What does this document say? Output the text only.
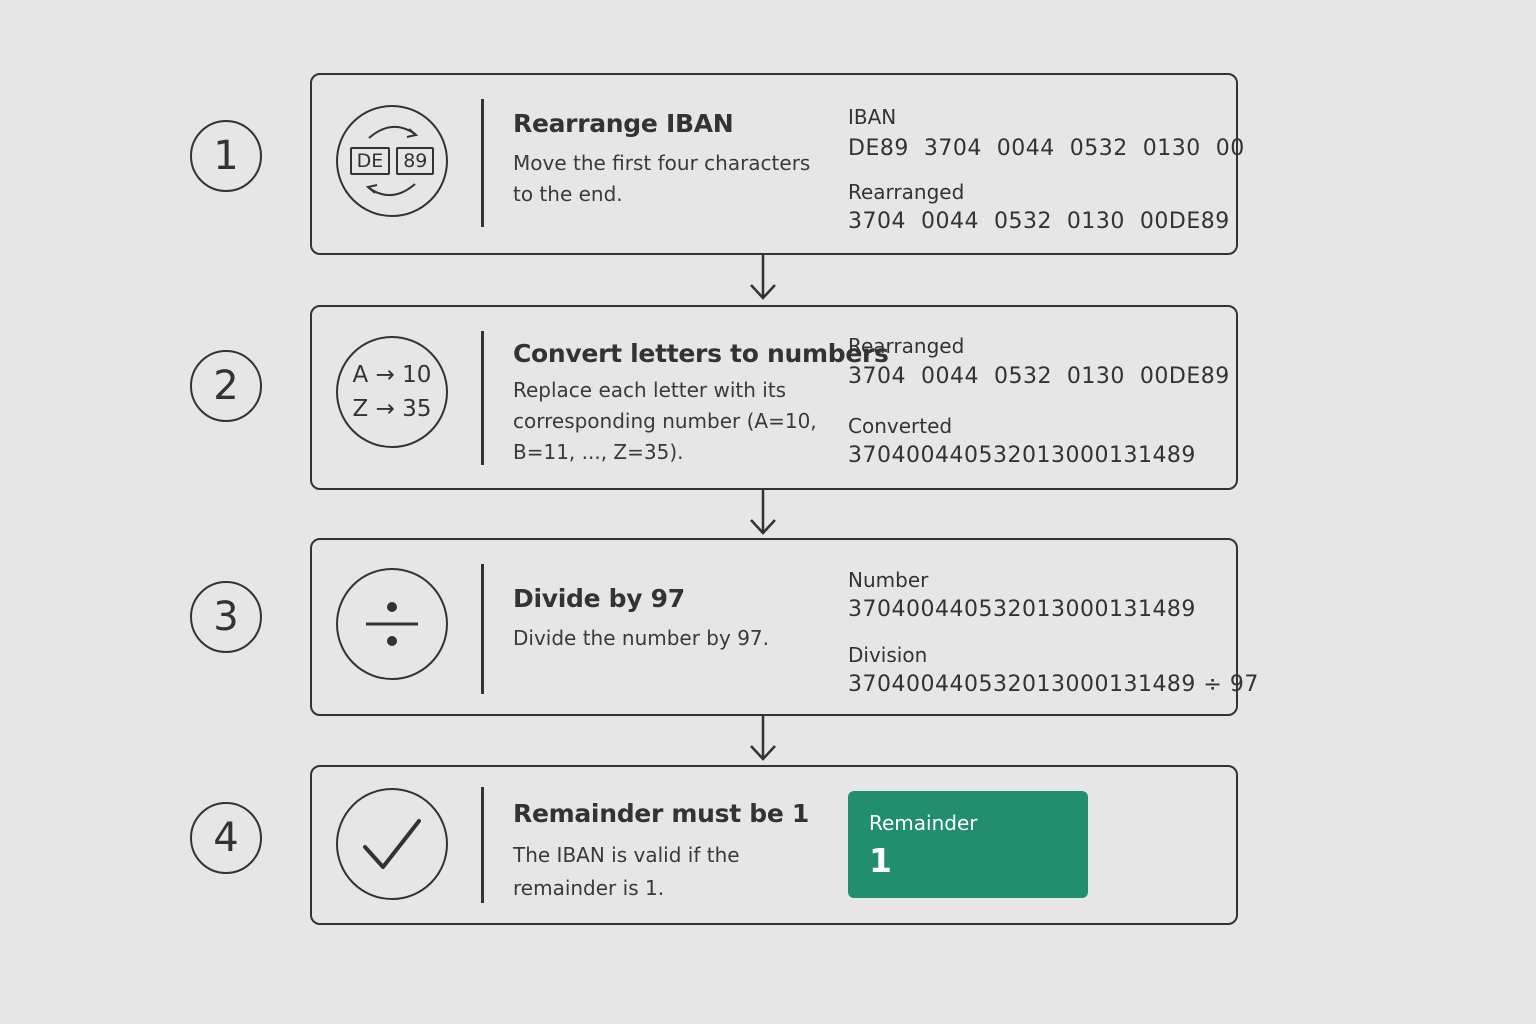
1	DE	89
Rearrange IBAN
Move the first four characters to the end.
IBAN
DE89  3704  0044  0532  0130  00
Rearranged
3704  0044  0532  0130  00DE89
2	A → 10
Z → 35
Convert letters to numbers
Replace each letter with its corresponding number (A=10, B=11, ..., Z=35).
Rearranged
3704  0044  0532  0130  00DE89
Converted
370400440532013000131489
3	Divide by 97
Divide the number by 97.
Number
370400440532013000131489
Division
370400440532013000131489 ÷ 97
4
Remainder must be 1
The IBAN is valid if the remainder is 1.
Remainder
1
